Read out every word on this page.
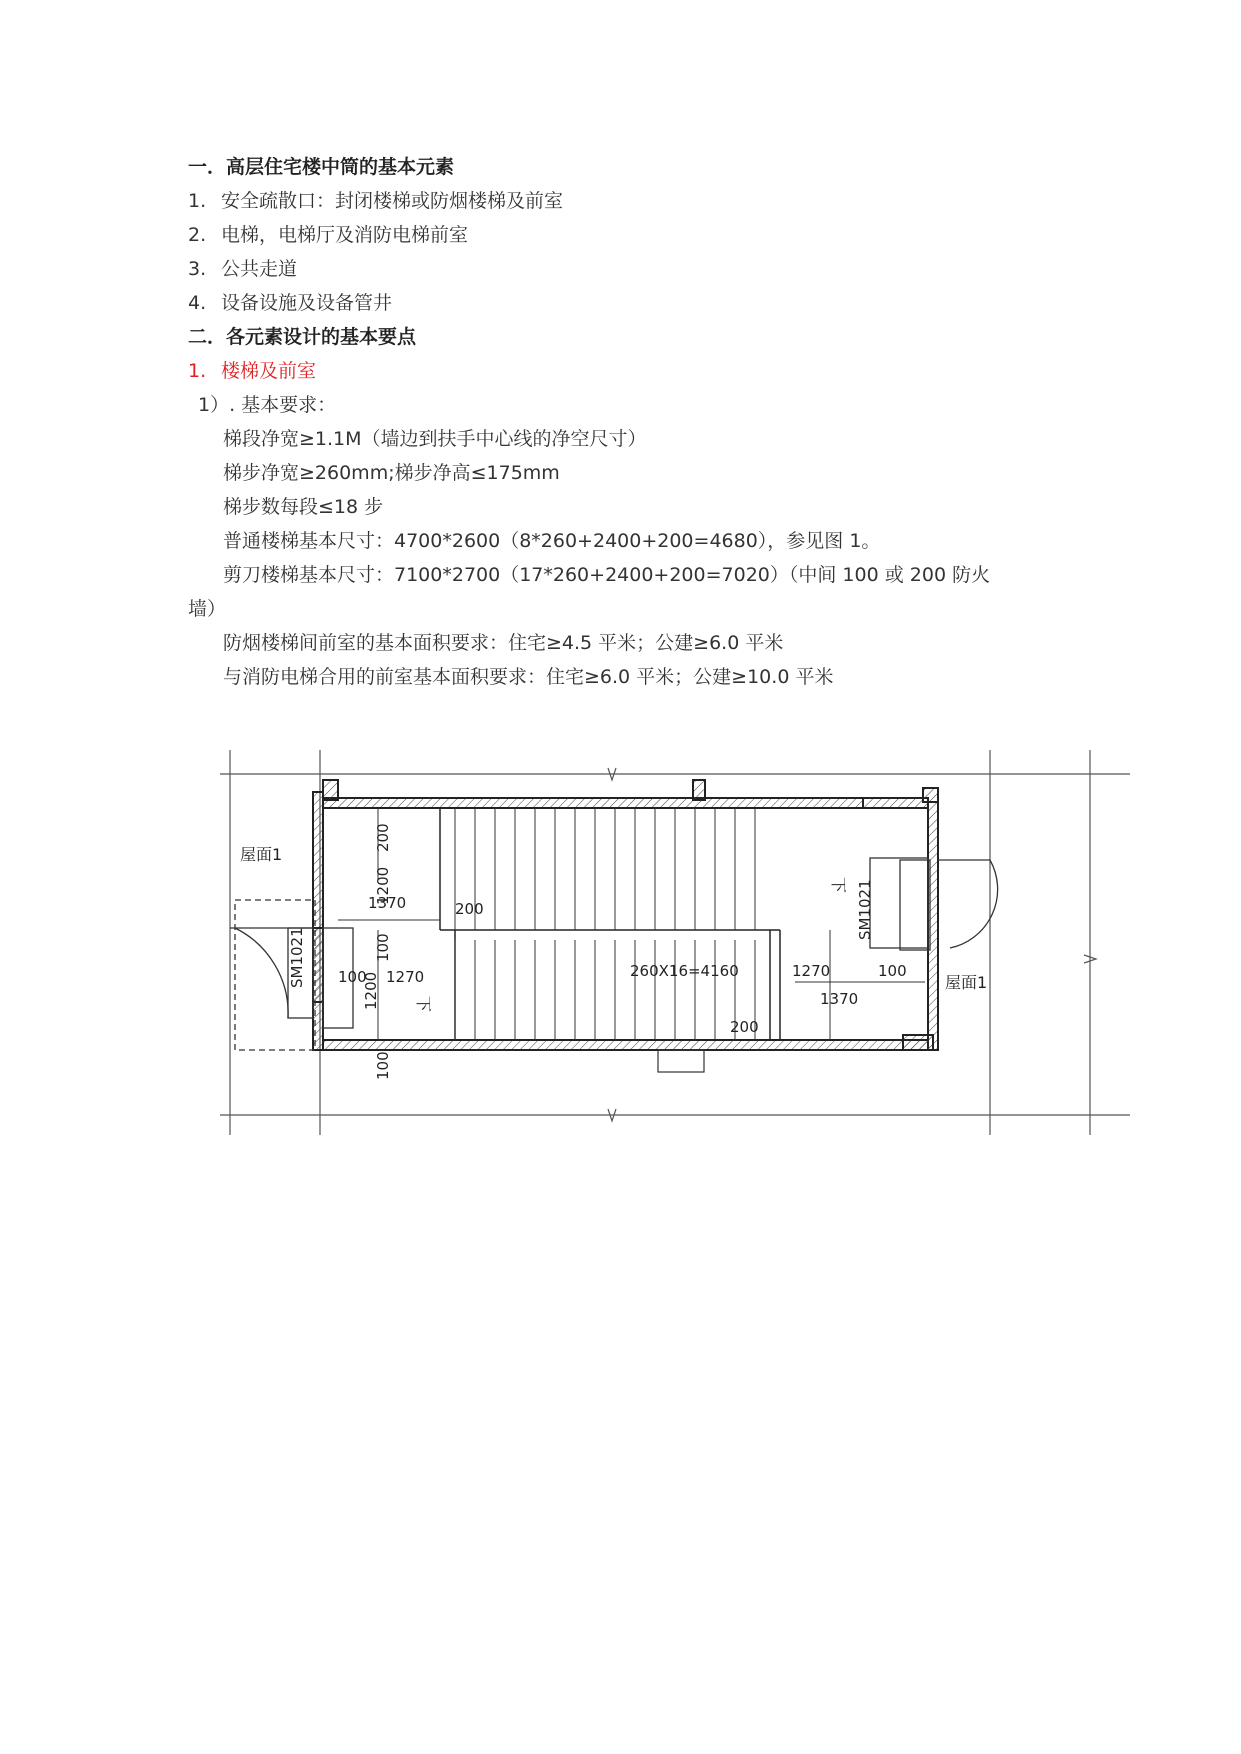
一．高层住宅楼中筒的基本元素
1. 安全疏散口：封闭楼梯或防烟楼梯及前室
2. 电梯，电梯厅及消防电梯前室
3. 公共走道
4. 设备设施及设备管井
二．各元素设计的基本要点
1. 楼梯及前室
1）. 基本要求：
梯段净宽≥1.1M（墙边到扶手中心线的净空尺寸）
梯步净宽≥260mm;梯步净高≤175mm
梯步数每段≤18 步
普通楼梯基本尺寸：4700*2600（8*260+2400+200=4680），参见图 1。
剪刀楼梯基本尺寸：7100*2700（17*260+2400+200=7020）（中间 100 或 200 防火
墙）
防烟楼梯间前室的基本面积要求：住宅≥4.5 平米；公建≥6.0 平米
与消防电梯合用的前室基本面积要求：住宅≥6.0 平米；公建≥10.0 平米
屋面1
屋面1
SM1021
SM1021
下
下
200
1200
1370	200
100
100 1270
1200
100
260X16=4160
200
1270	100
1370
